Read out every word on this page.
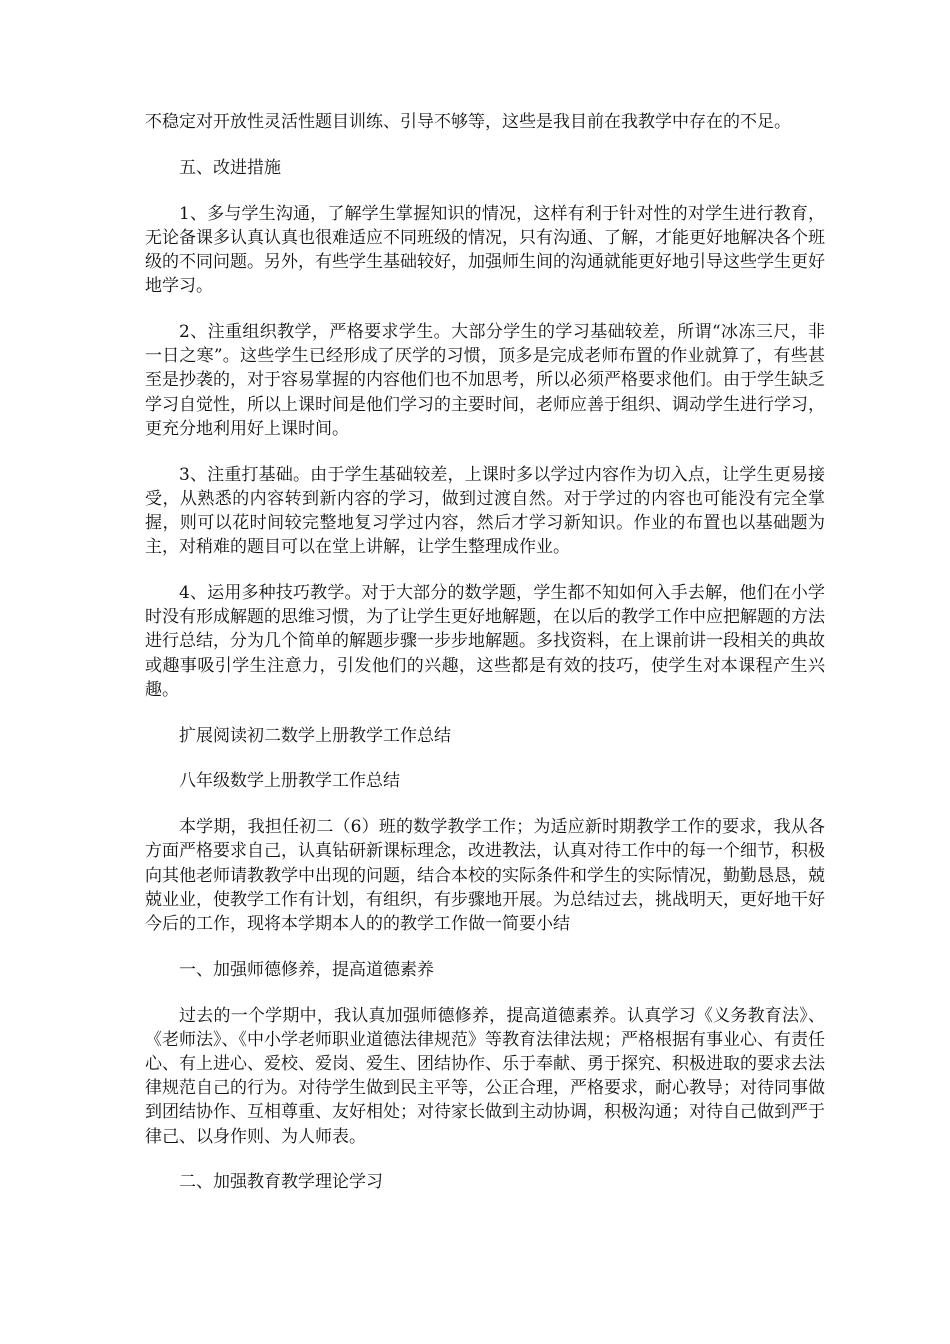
不稳定对开放性灵活性题目训练、引导不够等，这些是我目前在我教学中存在的不足。

五、改进措施

1、多与学生沟通，了解学生掌握知识的情况，这样有利于针对性的对学生进行教育，无论备课多认真认真也很难适应不同班级的情况，只有沟通、了解，才能更好地解决各个班级的不同问题。另外，有些学生基础较好，加强师生间的沟通就能更好地引导这些学生更好地学习。

2、注重组织教学，严格要求学生。大部分学生的学习基础较差，所谓“冰冻三尺，非一日之寒”。这些学生已经形成了厌学的习惯，顶多是完成老师布置的作业就算了，有些甚至是抄袭的，对于容易掌握的内容他们也不加思考，所以必须严格要求他们。由于学生缺乏学习自觉性，所以上课时间是他们学习的主要时间，老师应善于组织、调动学生进行学习，更充分地利用好上课时间。

3、注重打基础。由于学生基础较差，上课时多以学过内容作为切入点，让学生更易接受，从熟悉的内容转到新内容的学习，做到过渡自然。对于学过的内容也可能没有完全掌握，则可以花时间较完整地复习学过内容，然后才学习新知识。作业的布置也以基础题为主，对稍难的题目可以在堂上讲解，让学生整理成作业。

4、运用多种技巧教学。对于大部分的数学题，学生都不知如何入手去解，他们在小学时没有形成解题的思维习惯，为了让学生更好地解题，在以后的教学工作中应把解题的方法进行总结，分为几个简单的解题步骤一步步地解题。多找资料，在上课前讲一段相关的典故或趣事吸引学生注意力，引发他们的兴趣，这些都是有效的技巧，使学生对本课程产生兴趣。

扩展阅读初二数学上册教学工作总结

八年级数学上册教学工作总结

本学期，我担任初二（6）班的数学教学工作；为适应新时期教学工作的要求，我从各方面严格要求自己，认真钻研新课标理念，改进教法，认真对待工作中的每一个细节，积极向其他老师请教教学中出现的问题，结合本校的实际条件和学生的实际情况，勤勤恳恳，兢兢业业，使教学工作有计划，有组织，有步骤地开展。为总结过去，挑战明天，更好地干好今后的工作，现将本学期本人的的教学工作做一简要小结

一、加强师德修养，提高道德素养

过去的一个学期中，我认真加强师德修养，提高道德素养。认真学习《义务教育法》、《老师法》、《中小学老师职业道德法律规范》等教育法律法规；严格根据有事业心、有责任心、有上进心、爱校、爱岗、爱生、团结协作、乐于奉献、勇于探究、积极进取的要求去法律规范自己的行为。对待学生做到民主平等，公正合理，严格要求，耐心教导；对待同事做到团结协作、互相尊重、友好相处；对待家长做到主动协调，积极沟通；对待自己做到严于律己、以身作则、为人师表。

二、加强教育教学理论学习
